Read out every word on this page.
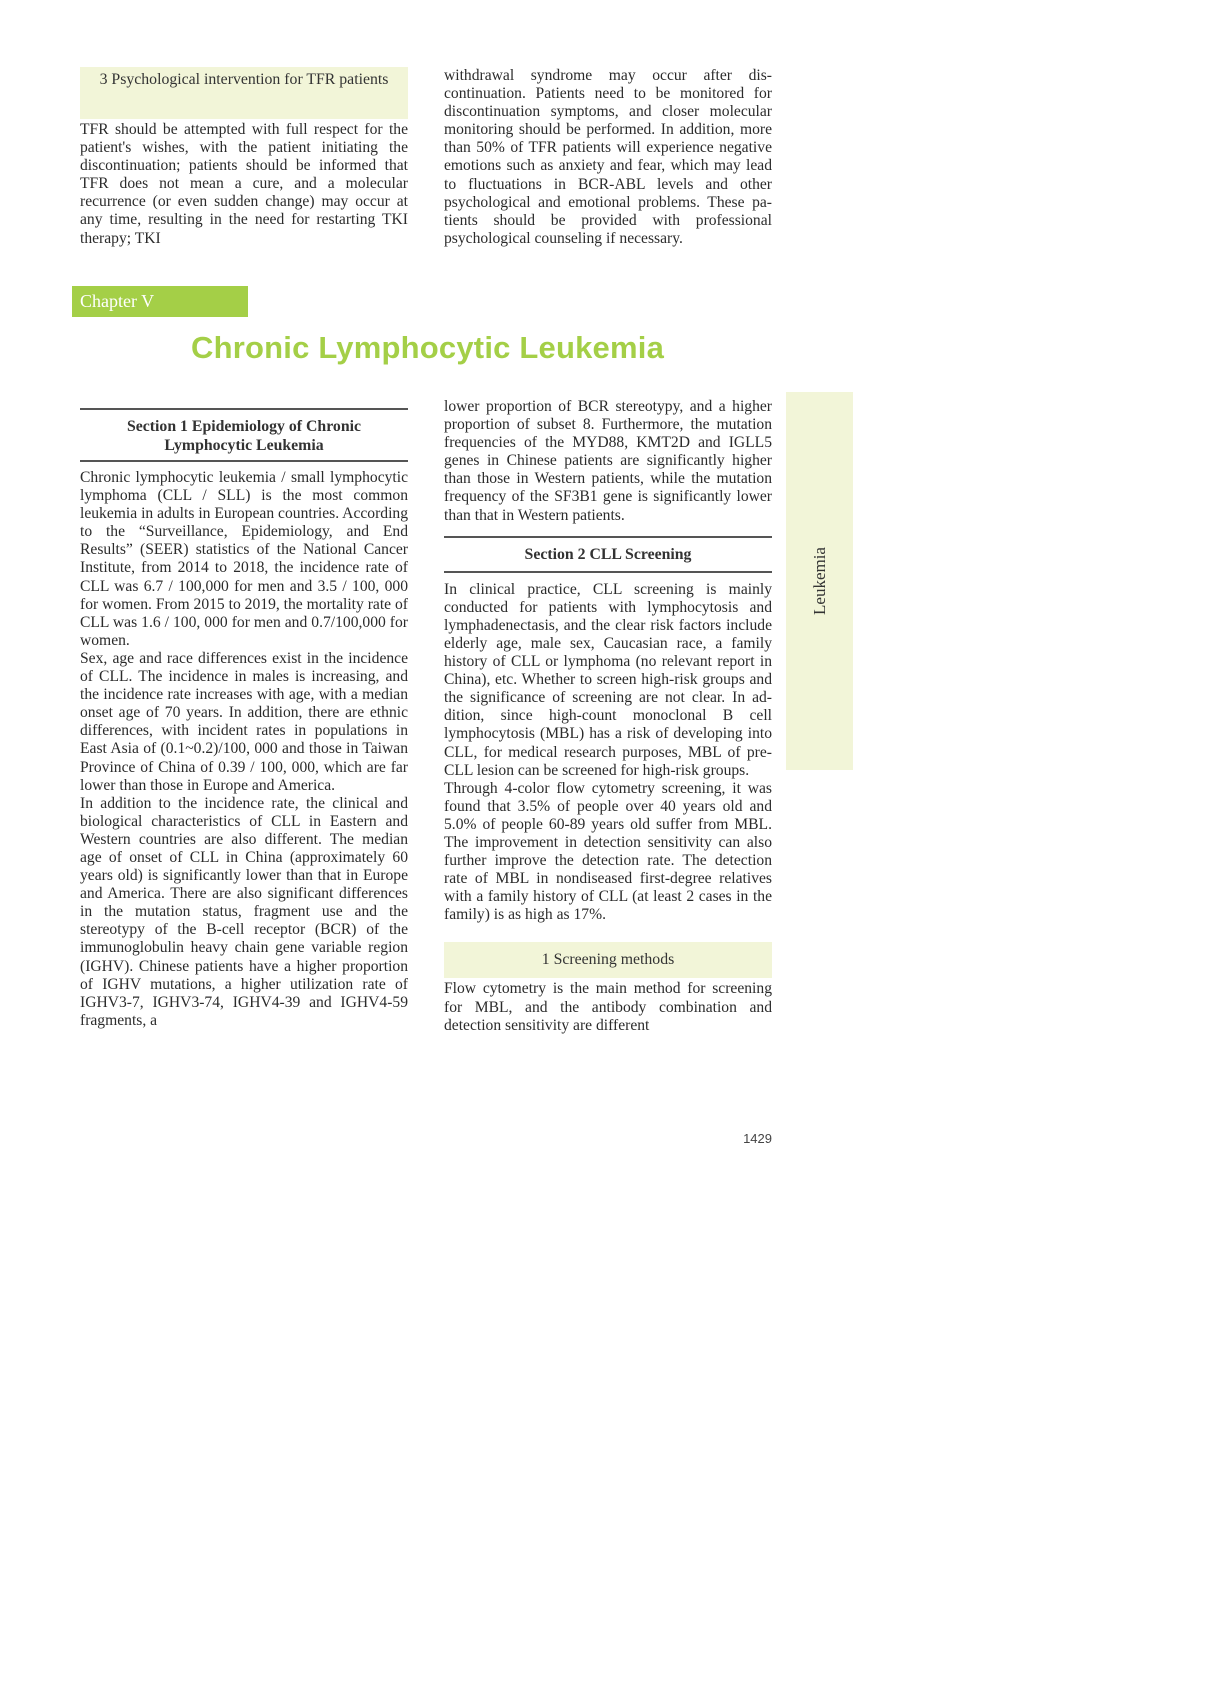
3 Psychological intervention for TFR patients

TFR should be attempted with full respect for the patient's wishes, with the patient initiating the discontinuation; patients should be informed that TFR does not mean a cure, and a molecular recurrence (or even sudden change) may occur at any time, resulting in the need for restarting TKI therapy; TKI

withdrawal syndrome may occur after discontinuation. Patients need to be monitored for discontinuation symptoms, and closer molecular monitoring should be performed. In addition, more than 50% of TFR patients will experience negative emotions such as anxiety and fear, which may lead to fluctuations in BCR-ABL levels and other psychological and emotional problems. These patients should be provided with professional psychological counseling if necessary.

Chapter V
Chronic Lymphocytic Leukemia
Leukemia
Section 1 Epidemiology of Chronic Lymphocytic Leukemia

Chronic lymphocytic leukemia / small lymphocytic lymphoma (CLL / SLL) is the most common leukemia in adults in European countries. According to the “Surveillance, Epidemiology, and End Results” (SEER) statistics of the National Cancer Institute, from 2014 to 2018, the incidence rate of CLL was 6.7 / 100,000 for men and 3.5 / 100, 000 for women. From 2015 to 2019, the mortality rate of CLL was 1.6 / 100, 000 for men and 0.7/100,000 for women.

Sex, age and race differences exist in the incidence of CLL. The incidence in males is increasing, and the incidence rate increases with age, with a median onset age of 70 years. In addition, there are ethnic differences, with incident rates in populations in East Asia of (0.1~0.2)/100, 000 and those in Taiwan Province of China of 0.39 / 100, 000, which are far lower than those in Europe and America.

In addition to the incidence rate, the clinical and biological characteristics of CLL in Eastern and Western countries are also different. The median age of onset of CLL in China (approximately 60 years old) is significantly lower than that in Europe and America. There are also significant differences in the mutation status, fragment use and the stereotypy of the B-cell receptor (BCR) of the immunoglobulin heavy chain gene variable region (IGHV). Chinese patients have a higher proportion of IGHV mutations, a higher utilization rate of IGHV3-7, IGHV3-74, IGHV4-39 and IGHV4-59 fragments, a

lower proportion of BCR stereotypy, and a higher proportion of subset 8. Furthermore, the mutation frequencies of the MYD88, KMT2D and IGLL5 genes in Chinese patients are significantly higher than those in Western patients, while the mutation frequency of the SF3B1 gene is significantly lower than that in Western patients.

Section 2 CLL Screening

In clinical practice, CLL screening is mainly conducted for patients with lymphocytosis and lymphadenectasis, and the clear risk factors include elderly age, male sex, Caucasian race, a family history of CLL or lymphoma (no relevant report in China), etc. Whether to screen high-risk groups and the significance of screening are not clear. In addition, since high-count monoclonal B cell lymphocytosis (MBL) has a risk of developing into CLL, for medical research purposes, MBL of pre-CLL lesion can be screened for high-risk groups.

Through 4-color flow cytometry screening, it was found that 3.5% of people over 40 years old and 5.0% of people 60-89 years old suffer from MBL. The improvement in detection sensitivity can also further improve the detection rate. The detection rate of MBL in nondiseased first-degree relatives with a family history of CLL (at least 2 cases in the family) is as high as 17%.

1 Screening methods

Flow cytometry is the main method for screening for MBL, and the antibody combination and detection sensitivity are different

1429
